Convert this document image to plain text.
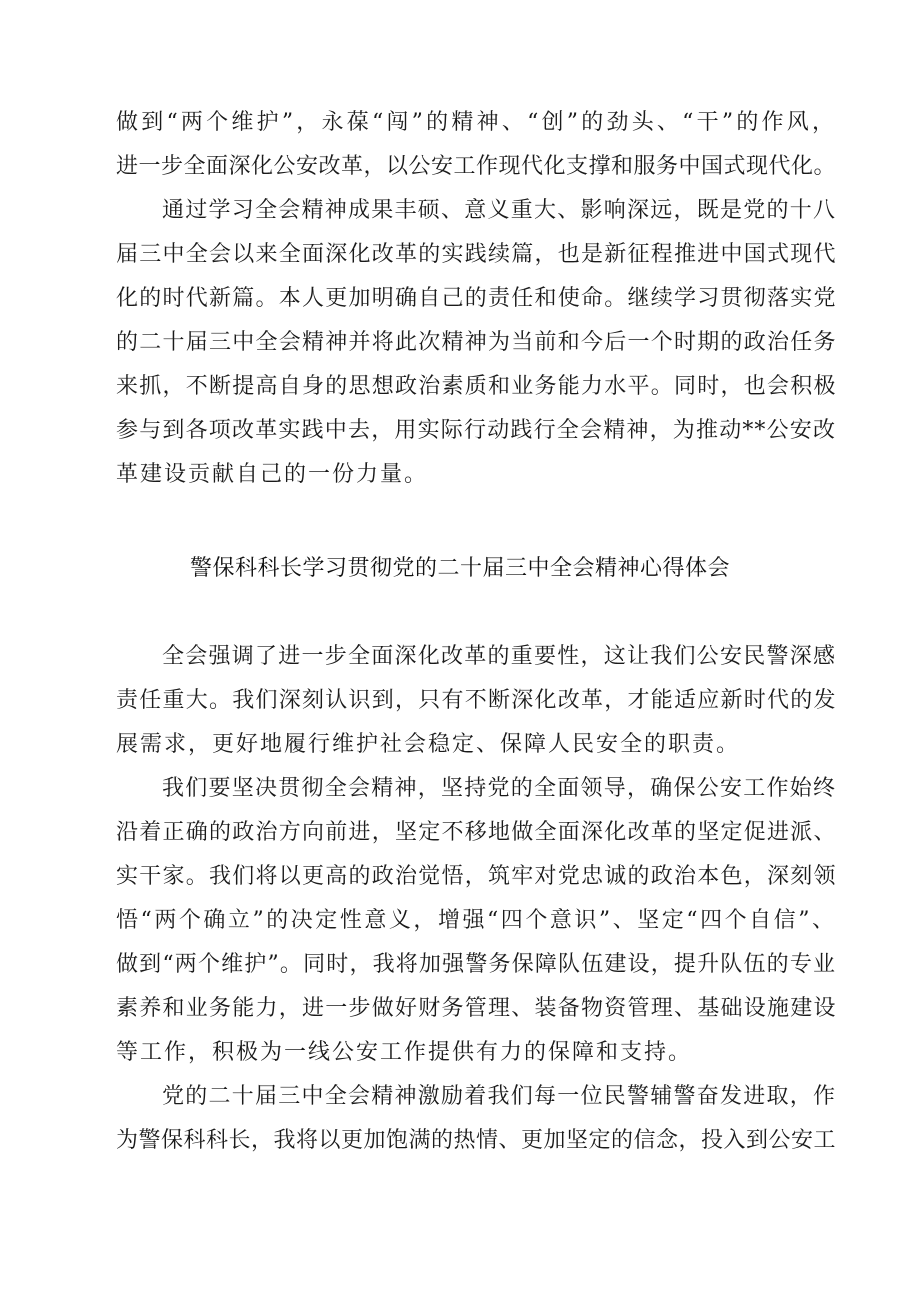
做到“两个维护”，永葆“闯”的精神、“创”的劲头、“干”的作风，
进一步全面深化公安改革，以公安工作现代化支撑和服务中国式现代化。
通过学习全会精神成果丰硕、意义重大、影响深远，既是党的十八
届三中全会以来全面深化改革的实践续篇，也是新征程推进中国式现代
化的时代新篇。本人更加明确自己的责任和使命。继续学习贯彻落实党
的二十届三中全会精神并将此次精神为当前和今后一个时期的政治任务
来抓，不断提高自身的思想政治素质和业务能力水平。同时，也会积极
参与到各项改革实践中去，用实际行动践行全会精神，为推动**公安改
革建设贡献自己的一份力量。
警保科科长学习贯彻党的二十届三中全会精神心得体会
全会强调了进一步全面深化改革的重要性，这让我们公安民警深感
责任重大。我们深刻认识到，只有不断深化改革，才能适应新时代的发
展需求，更好地履行维护社会稳定、保障人民安全的职责。
我们要坚决贯彻全会精神，坚持党的全面领导，确保公安工作始终
沿着正确的政治方向前进，坚定不移地做全面深化改革的坚定促进派、
实干家。我们将以更高的政治觉悟，筑牢对党忠诚的政治本色，深刻领
悟“两个确立”的决定性意义，增强“四个意识”、坚定“四个自信”、
做到“两个维护”。同时，我将加强警务保障队伍建设，提升队伍的专业
素养和业务能力，进一步做好财务管理、装备物资管理、基础设施建设
等工作，积极为一线公安工作提供有力的保障和支持。
党的二十届三中全会精神激励着我们每一位民警辅警奋发进取，作
为警保科科长，我将以更加饱满的热情、更加坚定的信念，投入到公安工
